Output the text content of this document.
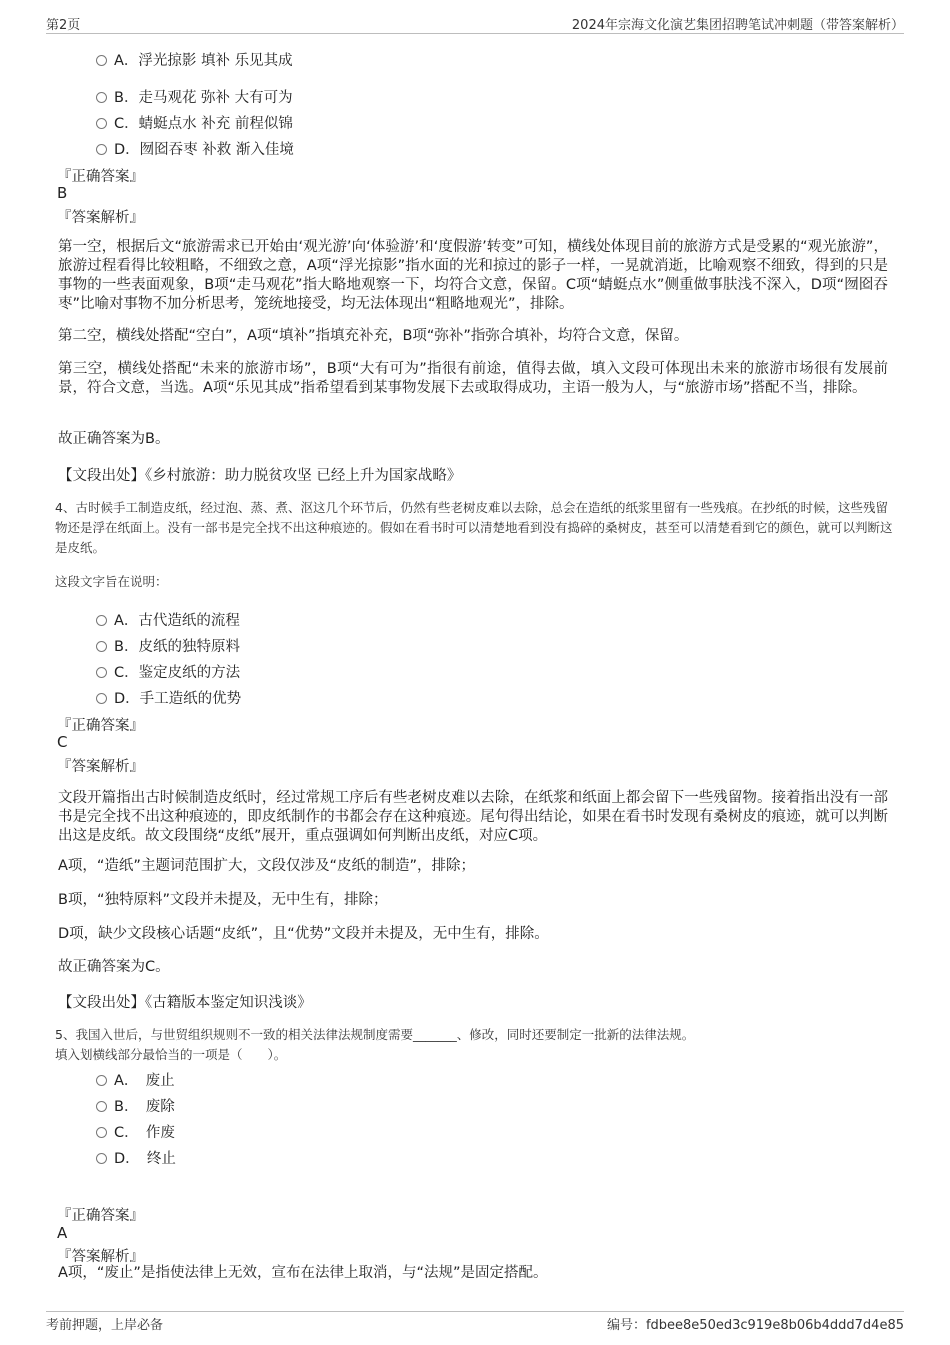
第2页	2024年宗海文化演艺集团招聘笔试冲刺题（带答案解析）
A．浮光掠影 填补 乐见其成
B．走马观花 弥补 大有可为
C．蜻蜓点水 补充 前程似锦
D．囫囵吞枣 补救 渐入佳境
『正确答案』
B
『答案解析』
第一空，根据后文“旅游需求已开始由‘观光游’向‘体验游’和‘度假游’转变”可知，横线处体现目前的旅游方式是受累的“观光旅游”，旅游过程看得比较粗略，不细致之意，A项“浮光掠影”指水面的光和掠过的影子一样，一晃就消逝，比喻观察不细致，得到的只是事物的一些表面观象，B项“走马观花”指大略地观察一下，均符合文意，保留。C项“蜻蜓点水”侧重做事肤浅不深入，D项“囫囵吞枣”比喻对事物不加分析思考，笼统地接受，均无法体现出“粗略地观光”，排除。
第二空，横线处搭配“空白”，A项“填补”指填充补充，B项“弥补”指弥合填补，均符合文意，保留。
第三空，横线处搭配“未来的旅游市场”，B项“大有可为”指很有前途，值得去做，填入文段可体现出未来的旅游市场很有发展前景，符合文意，当选。A项“乐见其成”指希望看到某事物发展下去或取得成功，主语一般为人，与“旅游市场”搭配不当，排除。
故正确答案为B。
【文段出处】《乡村旅游：助力脱贫攻坚 已经上升为国家战略》
4、古时候手工制造皮纸，经过泡、蒸、煮、沤这几个环节后，仍然有些老树皮难以去除，总会在造纸的纸浆里留有一些残痕。在抄纸的时候，这些残留物还是浮在纸面上。没有一部书是完全找不出这种痕迹的。假如在看书时可以清楚地看到没有捣碎的桑树皮，甚至可以清楚看到它的颜色，就可以判断这是皮纸。
这段文字旨在说明：
A．古代造纸的流程
B．皮纸的独特原料
C．鉴定皮纸的方法
D．手工造纸的优势
『正确答案』
C
『答案解析』
文段开篇指出古时候制造皮纸时，经过常规工序后有些老树皮难以去除，在纸浆和纸面上都会留下一些残留物。接着指出没有一部书是完全找不出这种痕迹的，即皮纸制作的书都会存在这种痕迹。尾句得出结论，如果在看书时发现有桑树皮的痕迹，就可以判断出这是皮纸。故文段围绕“皮纸”展开，重点强调如何判断出皮纸，对应C项。
A项，“造纸”主题词范围扩大，文段仅涉及“皮纸的制造”，排除；
B项，“独特原料”文段并未提及，无中生有，排除；
D项，缺少文段核心话题“皮纸”，且“优势”文段并未提及，无中生有，排除。
故正确答案为C。
【文段出处】《古籍版本鉴定知识浅谈》
5、我国入世后，与世贸组织规则不一致的相关法律法规制度需要_______、修改，同时还要制定一批新的法律法规。
填入划横线部分最恰当的一项是（　　）。
A．　废止
B．　废除
C．　作废
D．　终止
『正确答案』
A
『答案解析』
A项，“废止”是指使法律上无效，宣布在法律上取消，与“法规”是固定搭配。
考前押题，上岸必备	编号：fdbee8e50ed3c919e8b06b4ddd7d4e85
